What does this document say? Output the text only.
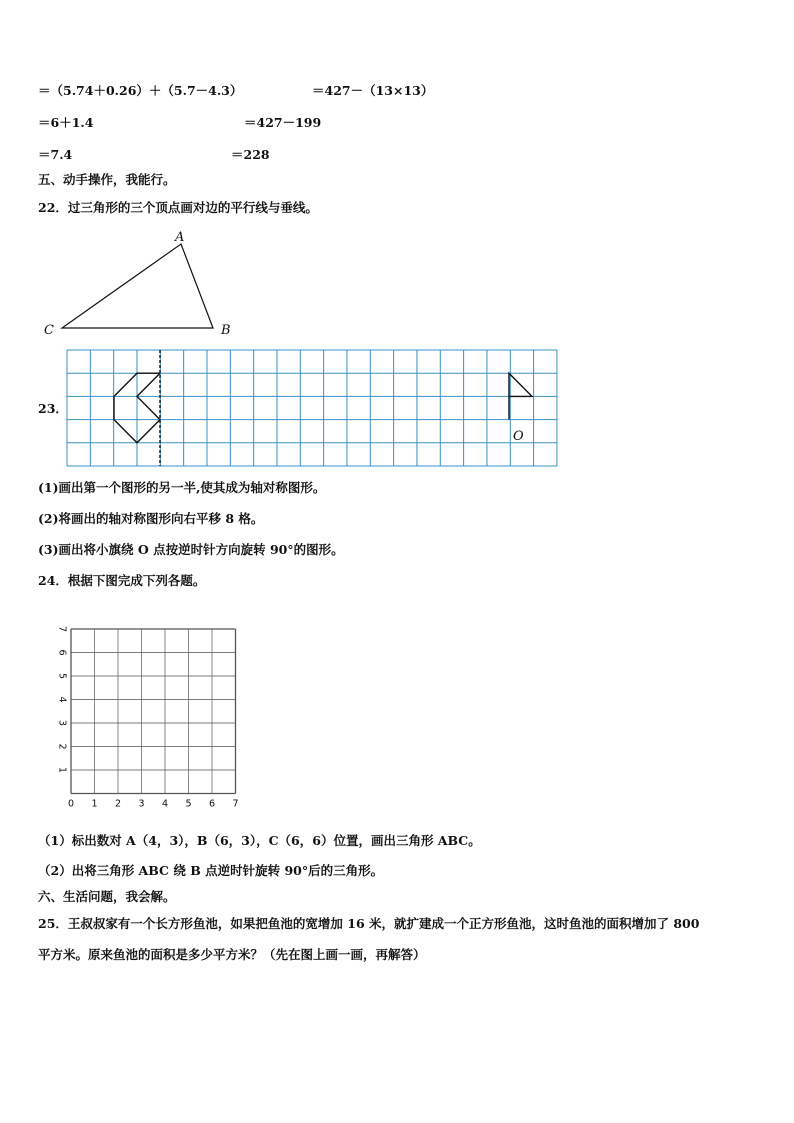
＝（5.74＋0.26）＋（5.7－4.3）	＝427－（13×13）
＝6＋1.4	＝427－199
＝7.4	＝228
五、动手操作，我能行。
22．过三角形的三个顶点画对边的平行线与垂线。
A
B
C
23．
O
(1)画出第一个图形的另一半,使其成为轴对称图形。
(2)将画出的轴对称图形向右平移 8 格。
(3)画出将小旗绕 O 点按逆时针方向旋转 90°的图形。
24．根据下图完成下列各题。
0 1 2 3 4 5 6 7
1
2
3
4
5
6
7
（1）标出数对 A（4，3），B（6，3），C（6，6）位置，画出三角形 ABC。
（2）出将三角形 ABC 绕 B 点逆时针旋转 90°后的三角形。
六、生活问题，我会解。
25．王叔叔家有一个长方形鱼池，如果把鱼池的宽增加 16 米，就扩建成一个正方形鱼池，这时鱼池的面积增加了 800
平方米。原来鱼池的面积是多少平方米？（先在图上画一画，再解答）
